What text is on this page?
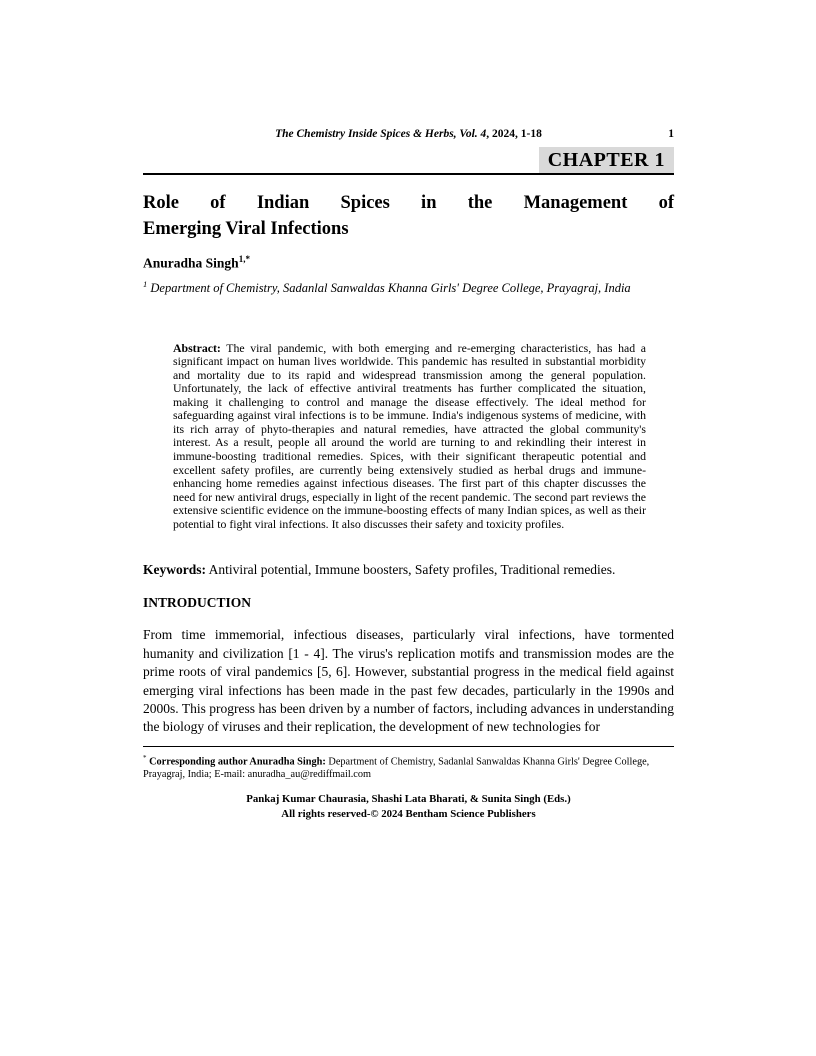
The Chemistry Inside Spices & Herbs, Vol. 4, 2024, 1-18	1
CHAPTER 1
Role of Indian Spices in the Management of
Emerging Viral Infections
Anuradha Singh$^{1,*}$
$^1$ Department of Chemistry, Sadanlal Sanwaldas Khanna Girls' Degree College, Prayagraj, India
Abstract: The viral pandemic, with both emerging and re-emerging characteristics, has had a significant impact on human lives worldwide. This pandemic has resulted in substantial morbidity and mortality due to its rapid and widespread transmission among the general population. Unfortunately, the lack of effective antiviral treatments has further complicated the situation, making it challenging to control and manage the disease effectively. The ideal method for safeguarding against viral infections is to be immune. India's indigenous systems of medicine, with its rich array of phyto-therapies and natural remedies, have attracted the global community's interest. As a result, people all around the world are turning to and rekindling their interest in immune-boosting traditional remedies. Spices, with their significant therapeutic potential and excellent safety profiles, are currently being extensively studied as herbal drugs and immune-enhancing home remedies against infectious diseases. The first part of this chapter discusses the need for new antiviral drugs, especially in light of the recent pandemic. The second part reviews the extensive scientific evidence on the immune-boosting effects of many Indian spices, as well as their potential to fight viral infections. It also discusses their safety and toxicity profiles.
Keywords: Antiviral potential, Immune boosters, Safety profiles, Traditional remedies.
INTRODUCTION
From time immemorial, infectious diseases, particularly viral infections, have tormented humanity and civilization [1 - 4]. The virus's replication motifs and transmission modes are the prime roots of viral pandemics [5, 6]. However, substantial progress in the medical field against emerging viral infections has been made in the past few decades, particularly in the 1990s and 2000s. This progress has been driven by a number of factors, including advances in understanding the biology of viruses and their replication, the development of new technologies for
* Corresponding author Anuradha Singh: Department of Chemistry, Sadanlal Sanwaldas Khanna Girls' Degree College, Prayagraj, India; E-mail: anuradha_au@rediffmail.com
Pankaj Kumar Chaurasia, Shashi Lata Bharati, & Sunita Singh (Eds.)
All rights reserved-© 2024 Bentham Science Publishers
